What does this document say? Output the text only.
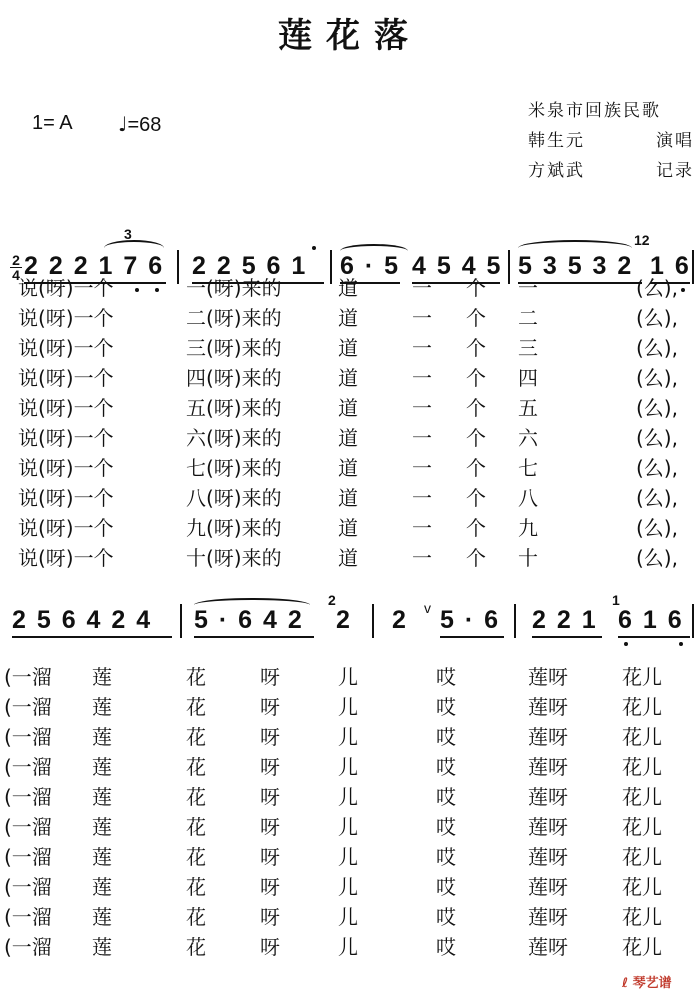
莲花落
1= A ♩=68
米泉市回族民歌
韩生元	演唱
方斌武	记录
2
4 2 2 2 1 7 6
3
2 2 5 6 1 6 · 5 4 5 4 5 5 3 5 3 2
12
1 6
说(呀)一个	一(呀)来的	道	一 个 一	(么),
说(呀)一个	二(呀)来的	道	一 个 二	(么),
说(呀)一个	三(呀)来的	道	一 个 三	(么),
说(呀)一个	四(呀)来的	道	一 个 四	(么),
说(呀)一个	五(呀)来的	道	一 个 五	(么),
说(呀)一个	六(呀)来的	道	一 个 六	(么),
说(呀)一个	七(呀)来的	道	一 个 七	(么),
说(呀)一个	八(呀)来的	道	一 个 八	(么),
说(呀)一个	九(呀)来的	道	一 个 九	(么),
说(呀)一个	十(呀)来的	道	一 个 十	(么),
2 5 6 4 2 4 5 · 6 4 2
2
2 2 v 5 · 6 2 2 1
1
6 1 6
(一溜 莲	花	呀	儿	哎	莲呀	花儿
(一溜 莲	花	呀	儿	哎	莲呀	花儿
(一溜 莲	花	呀	儿	哎	莲呀	花儿
(一溜 莲	花	呀	儿	哎	莲呀	花儿
(一溜 莲	花	呀	儿	哎	莲呀	花儿
(一溜 莲	花	呀	儿	哎	莲呀	花儿
(一溜 莲	花	呀	儿	哎	莲呀	花儿
(一溜 莲	花	呀	儿	哎	莲呀	花儿
(一溜 莲	花	呀	儿	哎	莲呀	花儿
(一溜 莲	花	呀	儿	哎	莲呀	花儿
ℓ 琴艺谱
